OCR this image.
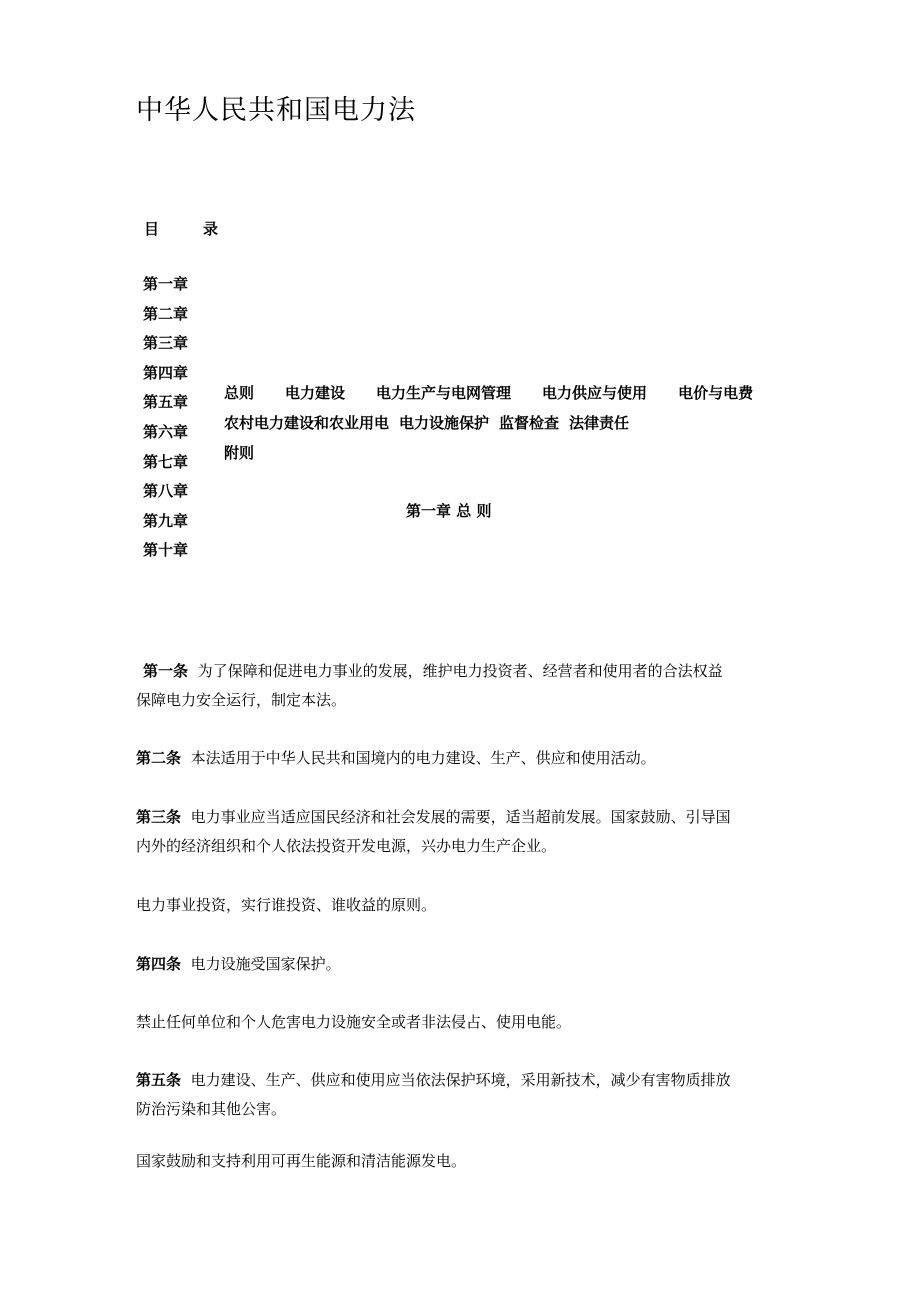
中华人民共和国电力法
目	录
第一章
第二章
第三章
第四章
第五章
第六章
第七章
第八章
第九章
第十章
总则 电力建设 电力生产与电网管理 电力供应与使用 电价与电费
农村电力建设和农业用电 电力设施保护 监督检查 法律责任
附则
第一章 总 则
第一条 为了保障和促进电力事业的发展，维护电力投资者、经营者和使用者的合法权益
保障电力安全运行，制定本法。
第二条 本法适用于中华人民共和国境内的电力建设、生产、供应和使用活动。
第三条 电力事业应当适应国民经济和社会发展的需要，适当超前发展。国家鼓励、引导国
内外的经济组织和个人依法投资开发电源，兴办电力生产企业。
电力事业投资，实行谁投资、谁收益的原则。
第四条 电力设施受国家保护。
禁止任何单位和个人危害电力设施安全或者非法侵占、使用电能。
第五条 电力建设、生产、供应和使用应当依法保护环境，采用新技术，减少有害物质排放
防治污染和其他公害。
国家鼓励和支持利用可再生能源和清洁能源发电。
